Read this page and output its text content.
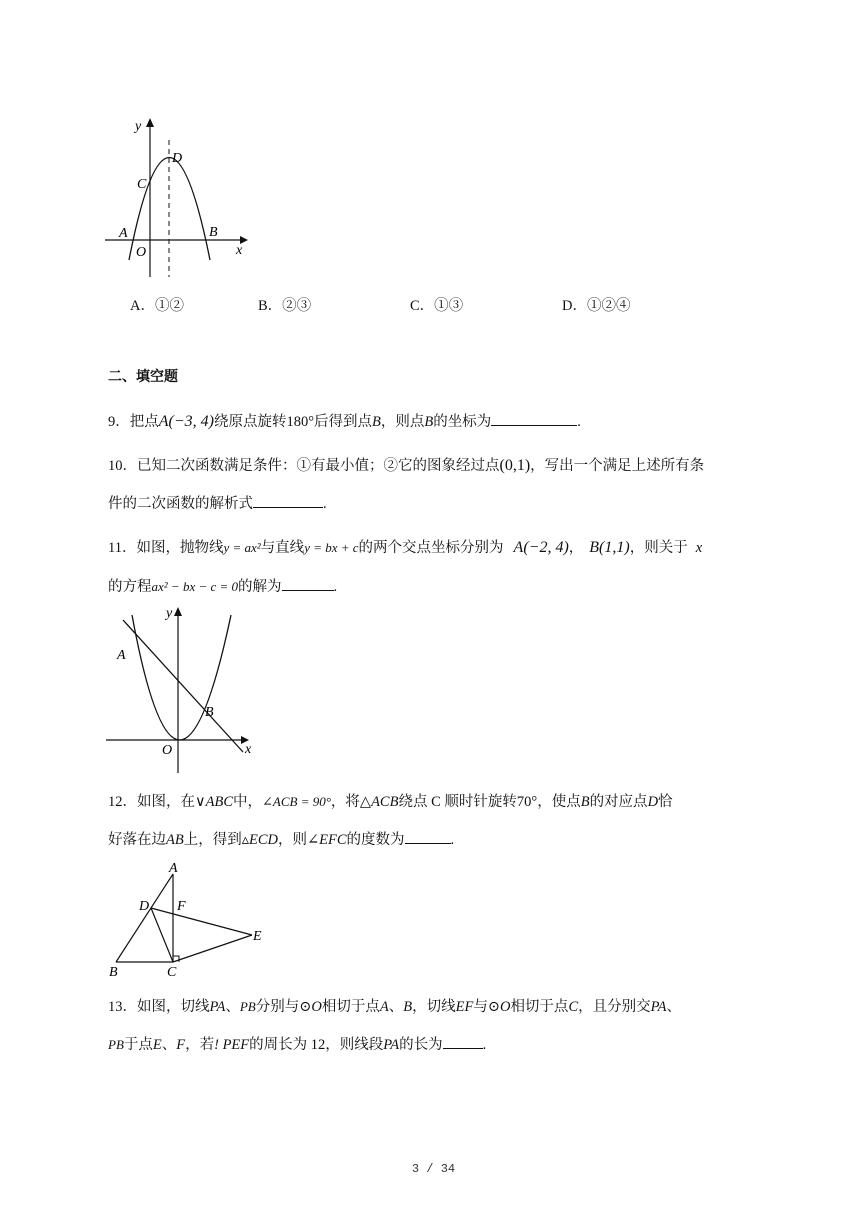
y
D
C
A
O
B
x
A．①②	B．②③	C．①③	D．①②④
二、填空题
9．把点A(−3, 4)绕原点旋转180°后得到点B，则点B的坐标为	.
10．已知二次函数满足条件：①有最小值；②它的图象经过点(0,1)，写出一个满足上述所有条
件的二次函数的解析式	.
11．如图，抛物线y = ax²与直线y = bx + c的两个交点坐标分别为 A(−2, 4)， B(1,1)，则关于 x
的方程ax² − bx − c = 0的解为	.
y
A
B
O	x
12．如图，在∨ABC中，∠ACB = 90°，将△ACB绕点 C 顺时针旋转70°，使点B的对应点D恰
好落在边AB上，得到▵ECD，则∠EFC的度数为	.
A
D F
E
B	C
13．如图，切线PA、PB分别与⊙O相切于点A、B，切线EF与⊙O相切于点C，且分别交PA、
PB于点E、F，若! PEF的周长为 12，则线段PA的长为	.
3 / 34
